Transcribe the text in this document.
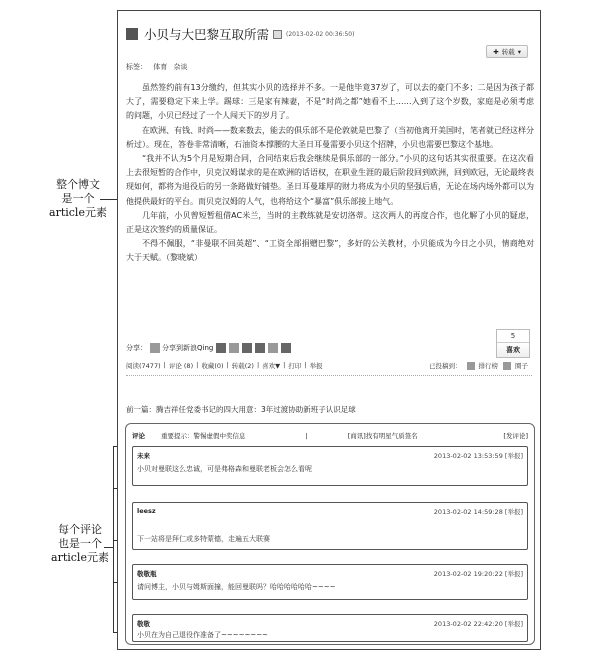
整个博文
是一个
article元素
每个评论
也是一个
article元素
小贝与大巴黎互取所需	(2013-02-02 00:36:50)
✚ 转载 ▾
标签： 体育 杂谈

虽然签约前有13分缴约，但其实小贝的选择并不多。一是他毕竟37岁了，可以去的豪门不多；二是因为孩子都大了，需要稳定下来上学。踢球：三是家有辣妻，不是“时尚之都”她看不上……入到了这个岁数，家庭是必须考虑的问题，小贝已经过了一个人闯天下的岁月了。

在欧洲、有钱、时尚——数来数去，能去的俱乐部不是伦敦就是巴黎了（当初他离开美国时，笔者就已经这样分析过）。现在，答卷非常清晰，石油资本撑腰的大圣日耳曼需要小贝这个招牌，小贝也需要巴黎这个基地。

“我并不认为5个月是短期合同，合同结束后我会继续是俱乐部的一部分。”小贝的这句话其实很重要。在这次看上去很短暂的合作中，贝克汉姆谋求的是在欧洲的话语权，在职业生涯的最后阶段回到欧洲，回到欧冠，无论最终表现如何，都将为退役后的另一条路做好铺垫。圣日耳曼雄厚的财力将成为小贝的坚强后盾，无论在场内场外都可以为他提供最好的平台。而贝克汉姆的人气，也将给这个“暴富”俱乐部接上地气。

几年前，小贝曾短暂租借AC米兰，当时的主教练就是安切洛蒂。这次两人的再度合作，也化解了小贝的疑虑，正是这次签约的质量保证。

不得不佩服，“非曼联不回英超”、“工资全部捐赠巴黎”，多好的公关教材，小贝能成为今日之小贝，情商绝对大于天赋。（黎晓斌）

5
喜欢
分享： 分享到新浪Qing
阅读(7477) | 评论 (8) | 收藏(0) | 转载(2) | 喜欢▼ | 打印 | 举报	已投稿到：	排行榜	圈子
前一篇：腾吉祥任党委书记的四大用意：3年过渡协助新班子认识足球
评论 重要提示：警惕虚假中奖信息	|	[商讯]找有明星气质签名	[发评论]
未来	2013-02-02 13:53:59 [举报]
小贝对曼联这么忠诚，可是弗格森和曼联老板会怎么看呢
leesz	2013-02-02 14:59:28 [举报]
下一站将是拜仁或多特蒙德，走遍五大联赛
敬敬瓶	2013-02-02 19:20:22 [举报]
请问博主，小贝与姆斯面撞，能回曼联吗？哈哈哈哈哈哈~~~~
敬敬	2013-02-02 22:42:20 [举报]
小贝在为自己退役作准备了~~~~~~~~
